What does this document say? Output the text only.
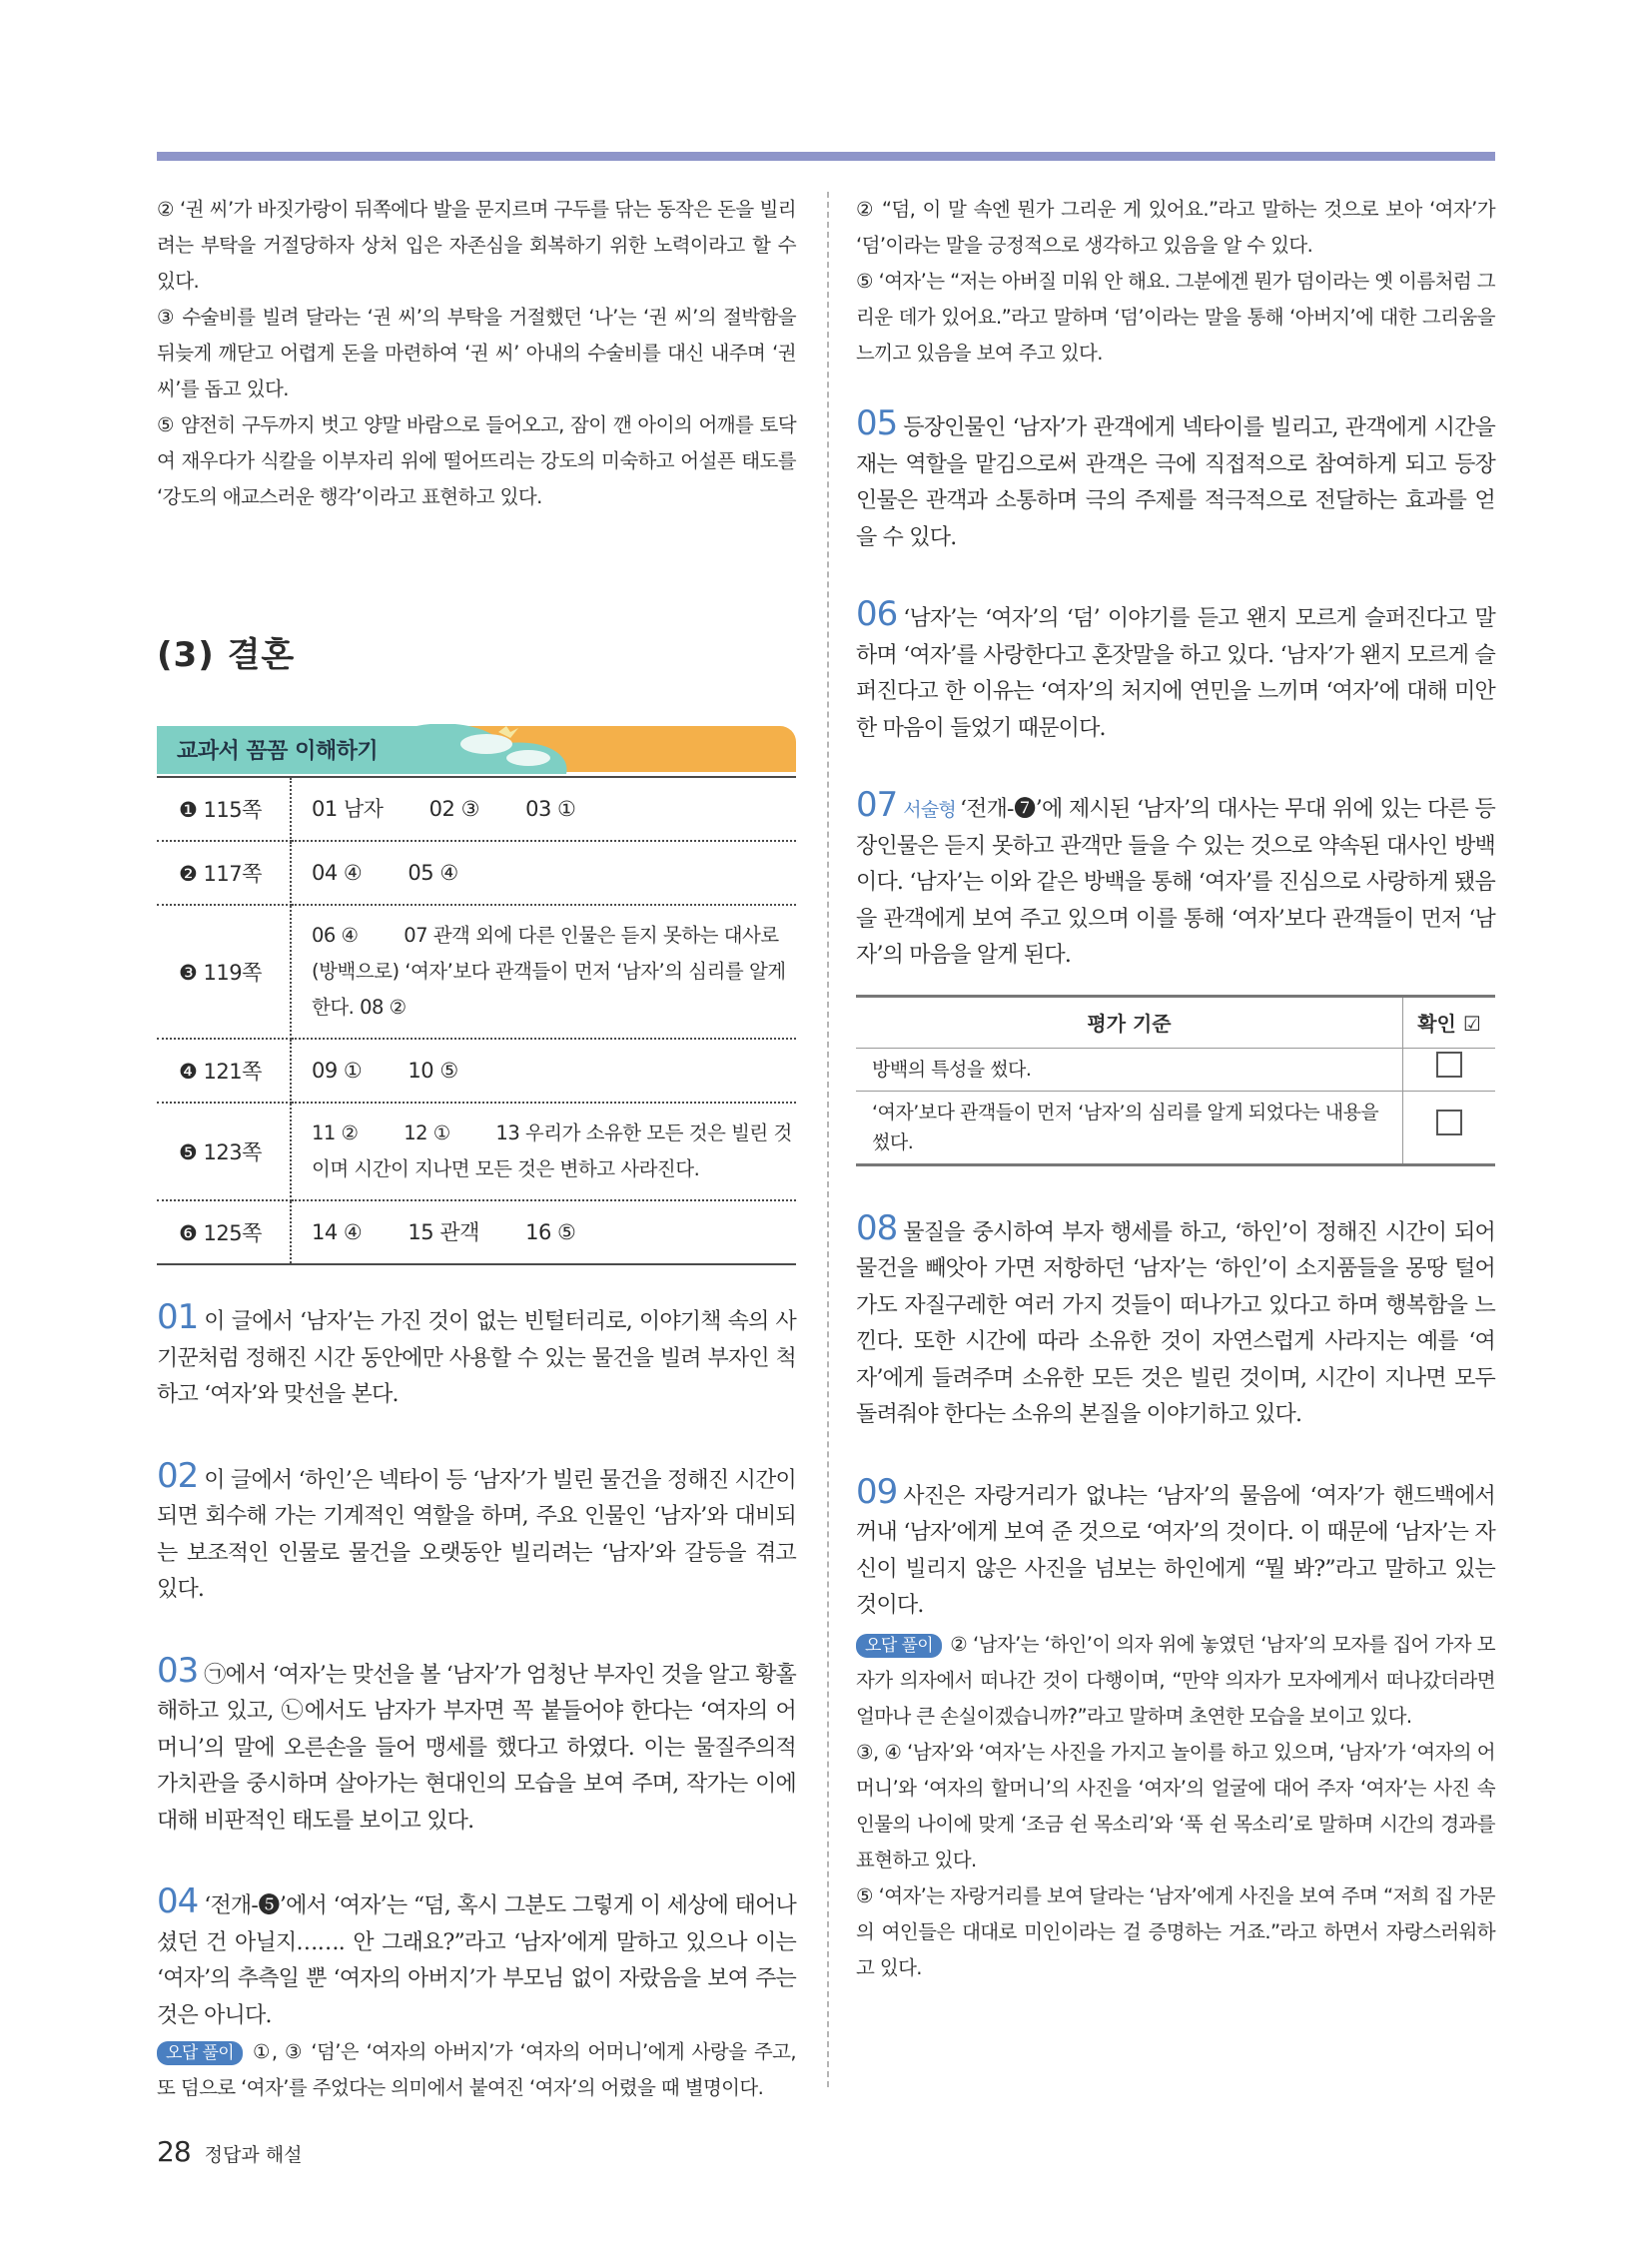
② ‘권 씨’가 바짓가랑이 뒤쪽에다 발을 문지르며 구두를 닦는 동작은 돈을 빌리려는 부탁을 거절당하자 상처 입은 자존심을 회복하기 위한 노력이라고 할 수 있다.

③ 수술비를 빌려 달라는 ‘권 씨’의 부탁을 거절했던 ‘나’는 ‘권 씨’의 절박함을 뒤늦게 깨닫고 어렵게 돈을 마련하여 ‘권 씨’ 아내의 수술비를 대신 내주며 ‘권 씨’를 돕고 있다.

⑤ 얌전히 구두까지 벗고 양말 바람으로 들어오고, 잠이 깬 아이의 어깨를 토닥여 재우다가 식칼을 이부자리 위에 떨어뜨리는 강도의 미숙하고 어설픈 태도를 ‘강도의 애교스러운 행각’이라고 표현하고 있다.

(3) 결혼
교과서 꼼꼼 이해하기
❶ 115쪽	01 남자 02 ③ 03 ①
❷ 117쪽	04 ④ 05 ④
❸ 119쪽	06 ④ 07 관객 외에 다른 인물은 듣지 못하는 대사로(방백으로) ‘여자’보다 관객들이 먼저 ‘남자’의 심리를 알게 한다. 08 ②
❹ 121쪽	09 ① 10 ⑤
❺ 123쪽	11 ② 12 ① 13 우리가 소유한 모든 것은 빌린 것이며 시간이 지나면 모든 것은 변하고 사라진다.
❻ 125쪽	14 ④ 15 관객 16 ⑤

01 이 글에서 ‘남자’는 가진 것이 없는 빈털터리로, 이야기책 속의 사기꾼처럼 정해진 시간 동안에만 사용할 수 있는 물건을 빌려 부자인 척하고 ‘여자’와 맞선을 본다.

02 이 글에서 ‘하인’은 넥타이 등 ‘남자’가 빌린 물건을 정해진 시간이 되면 회수해 가는 기계적인 역할을 하며, 주요 인물인 ‘남자’와 대비되는 보조적인 인물로 물건을 오랫동안 빌리려는 ‘남자’와 갈등을 겪고 있다.

03 ㉠에서 ‘여자’는 맞선을 볼 ‘남자’가 엄청난 부자인 것을 알고 황홀해하고 있고, ㉡에서도 남자가 부자면 꼭 붙들어야 한다는 ‘여자의 어머니’의 말에 오른손을 들어 맹세를 했다고 하였다. 이는 물질주의적 가치관을 중시하며 살아가는 현대인의 모습을 보여 주며, 작가는 이에 대해 비판적인 태도를 보이고 있다.

04 ‘전개-❺’에서 ‘여자’는 “덤, 혹시 그분도 그렇게 이 세상에 태어나셨던 건 아닐지……. 안 그래요?”라고 ‘남자’에게 말하고 있으나 이는 ‘여자’의 추측일 뿐 ‘여자의 아버지’가 부모님 없이 자랐음을 보여 주는 것은 아니다.

오답 풀이 ①, ③ ‘덤’은 ‘여자의 아버지’가 ‘여자의 어머니’에게 사랑을 주고, 또 덤으로 ‘여자’를 주었다는 의미에서 붙여진 ‘여자’의 어렸을 때 별명이다.

② “덤, 이 말 속엔 뭔가 그리운 게 있어요.”라고 말하는 것으로 보아 ‘여자’가 ‘덤’이라는 말을 긍정적으로 생각하고 있음을 알 수 있다.

⑤ ‘여자’는 “저는 아버질 미워 안 해요. 그분에겐 뭔가 덤이라는 옛 이름처럼 그리운 데가 있어요.”라고 말하며 ‘덤’이라는 말을 통해 ‘아버지’에 대한 그리움을 느끼고 있음을 보여 주고 있다.

05 등장인물인 ‘남자’가 관객에게 넥타이를 빌리고, 관객에게 시간을 재는 역할을 맡김으로써 관객은 극에 직접적으로 참여하게 되고 등장인물은 관객과 소통하며 극의 주제를 적극적으로 전달하는 효과를 얻을 수 있다.

06 ‘남자’는 ‘여자’의 ‘덤’ 이야기를 듣고 왠지 모르게 슬퍼진다고 말하며 ‘여자’를 사랑한다고 혼잣말을 하고 있다. ‘남자’가 왠지 모르게 슬퍼진다고 한 이유는 ‘여자’의 처지에 연민을 느끼며 ‘여자’에 대해 미안한 마음이 들었기 때문이다.

07 서술형 ‘전개-❼’에 제시된 ‘남자’의 대사는 무대 위에 있는 다른 등장인물은 듣지 못하고 관객만 들을 수 있는 것으로 약속된 대사인 방백이다. ‘남자’는 이와 같은 방백을 통해 ‘여자’를 진심으로 사랑하게 됐음을 관객에게 보여 주고 있으며 이를 통해 ‘여자’보다 관객들이 먼저 ‘남자’의 마음을 알게 된다.

평가 기준	확인 ☑
방백의 특성을 썼다.	
‘여자’보다 관객들이 먼저 ‘남자’의 심리를 알게 되었다는 내용을 썼다.	

08 물질을 중시하여 부자 행세를 하고, ‘하인’이 정해진 시간이 되어 물건을 빼앗아 가면 저항하던 ‘남자’는 ‘하인’이 소지품들을 몽땅 털어 가도 자질구레한 여러 가지 것들이 떠나가고 있다고 하며 행복함을 느낀다. 또한 시간에 따라 소유한 것이 자연스럽게 사라지는 예를 ‘여자’에게 들려주며 소유한 모든 것은 빌린 것이며, 시간이 지나면 모두 돌려줘야 한다는 소유의 본질을 이야기하고 있다.

09 사진은 자랑거리가 없냐는 ‘남자’의 물음에 ‘여자’가 핸드백에서 꺼내 ‘남자’에게 보여 준 것으로 ‘여자’의 것이다. 이 때문에 ‘남자’는 자신이 빌리지 않은 사진을 넘보는 하인에게 “뭘 봐?”라고 말하고 있는 것이다.

오답 풀이 ② ‘남자’는 ‘하인’이 의자 위에 놓였던 ‘남자’의 모자를 집어 가자 모자가 의자에서 떠나간 것이 다행이며, “만약 의자가 모자에게서 떠나갔더라면 얼마나 큰 손실이겠습니까?”라고 말하며 초연한 모습을 보이고 있다.

③, ④ ‘남자’와 ‘여자’는 사진을 가지고 놀이를 하고 있으며, ‘남자’가 ‘여자의 어머니’와 ‘여자의 할머니’의 사진을 ‘여자’의 얼굴에 대어 주자 ‘여자’는 사진 속 인물의 나이에 맞게 ‘조금 쉰 목소리’와 ‘푹 쉰 목소리’로 말하며 시간의 경과를 표현하고 있다.

⑤ ‘여자’는 자랑거리를 보여 달라는 ‘남자’에게 사진을 보여 주며 “저희 집 가문의 여인들은 대대로 미인이라는 걸 증명하는 거죠.”라고 하면서 자랑스러워하고 있다.

28 정답과 해설
